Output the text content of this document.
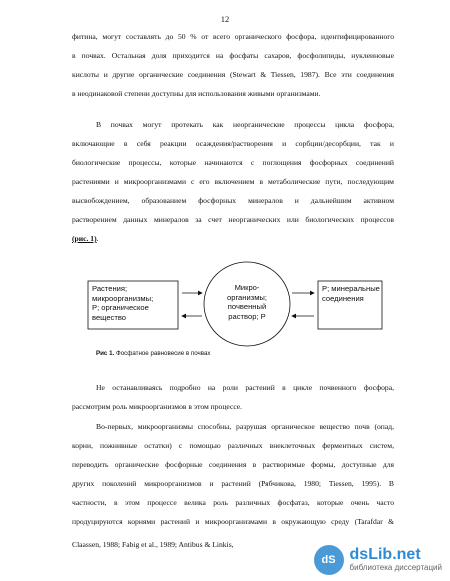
12
фитина, могут составлять до 50 % от всего органического фосфора, идентифицированного
в почвах. Остальная доля приходится на фосфаты сахаров, фосфолипиды, нуклеиновые
кислоты и другие органические соединения (Stewart & Tiessen, 1987). Все эти соединения
в неодинаковой степени доступны для использования живыми организмами.
В почвах могут протекать как неорганические процессы цикла фосфора,
включающие в себя реакции осаждения/растворения и сорбции/десорбции, так и
биологические процессы, которые начинаются с поглощения фосфорных соединений
растениями и микроорганизмами с его включением в метаболические пути, последующим
высвобождением, образованием фосфорных минералов и дальнейшим активном
растворением данных минералов за счет неорганических или биологических процессов
(рис. 1).
Растения;
микроорганизмы;
P; органическое
вещество
Микро-
организмы;
почвенный
раствор; P
P; минеральные
соединения
Рис 1. Фосфатное равновесие в почвах
Не останавливаясь подробно на роли растений в цикле почвенного фосфора,
рассмотрим роль микроорганизмов в этом процессе.
Во-первых, микроорганизмы способны, разрушая органическое вещество почв (опад,
корни, пожнивные остатки) с помощью различных внеклеточных ферментных систем,
переводить органические фосфорные соединения в растворимые формы, доступные для
других поколений микроорганизмов и растений (Рябчикова, 1980; Tiessen, 1995). В
частности, в этом процессе велика роль различных фосфатаз, которые очень часто
продуцируются корнями растений и микроорганизмами в окружающую среду (Tarafdar &
Claassen, 1988; Fabig et al., 1989; Antibus & Linkis,
dS dsLib.net
библиотека диссертаций
